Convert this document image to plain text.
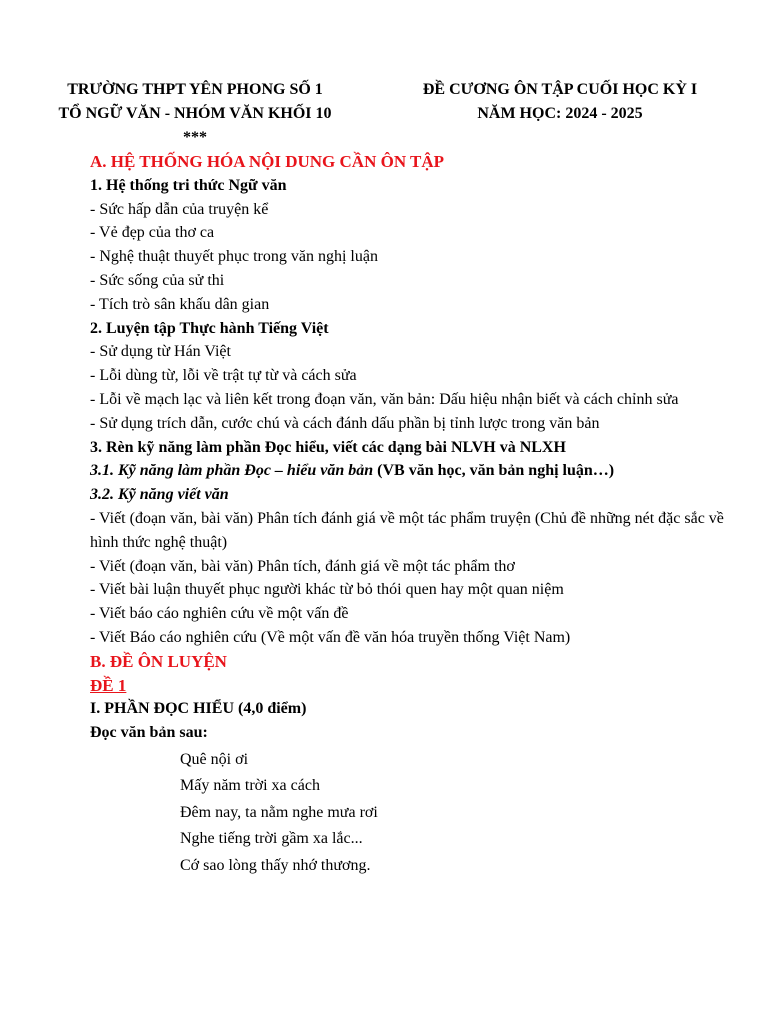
TRƯỜNG THPT YÊN PHONG SỐ 1
TỔ NGỮ VĂN - NHÓM VĂN KHỐI 10
***
ĐỀ CƯƠNG ÔN TẬP CUỐI HỌC KỲ I
NĂM HỌC: 2024 - 2025

A. HỆ THỐNG HÓA NỘI DUNG CẦN ÔN TẬP

1. Hệ thống tri thức Ngữ văn

- Sức hấp dẫn của truyện kể

- Vẻ đẹp của thơ ca

- Nghệ thuật thuyết phục trong văn nghị luận

- Sức sống của sử thi

- Tích trò sân khấu dân gian

2. Luyện tập Thực hành Tiếng Việt

- Sử dụng từ Hán Việt

- Lỗi dùng từ, lỗi về trật tự từ và cách sửa

- Lỗi về mạch lạc và liên kết trong đoạn văn, văn bản: Dấu hiệu nhận biết và cách chỉnh sửa

- Sử dụng trích dẫn, cước chú và cách đánh dấu phần bị tỉnh lược trong văn bản

3. Rèn kỹ năng làm phần Đọc hiểu, viết các dạng bài NLVH và NLXH

3.1. Kỹ năng làm phần Đọc – hiểu văn bản (VB văn học, văn bản nghị luận…)

3.2. Kỹ năng viết văn

- Viết (đoạn văn, bài văn) Phân tích đánh giá về một tác phẩm truyện (Chủ đề những nét đặc sắc về hình thức nghệ thuật)

- Viết (đoạn văn, bài văn) Phân tích, đánh giá về một tác phẩm thơ

- Viết bài luận thuyết phục người khác từ bỏ thói quen hay một quan niệm

- Viết báo cáo nghiên cứu về một vấn đề

- Viết Báo cáo nghiên cứu (Về một vấn đề văn hóa truyền thống Việt Nam)

B. ĐỀ ÔN LUYỆN

ĐỀ 1

I. PHẦN ĐỌC HIỂU (4,0 điểm)

Đọc văn bản sau:

Quê nội ơi

Mấy năm trời xa cách

Đêm nay, ta nằm nghe mưa rơi

Nghe tiếng trời gầm xa lắc...

Cớ sao lòng thấy nhớ thương.
